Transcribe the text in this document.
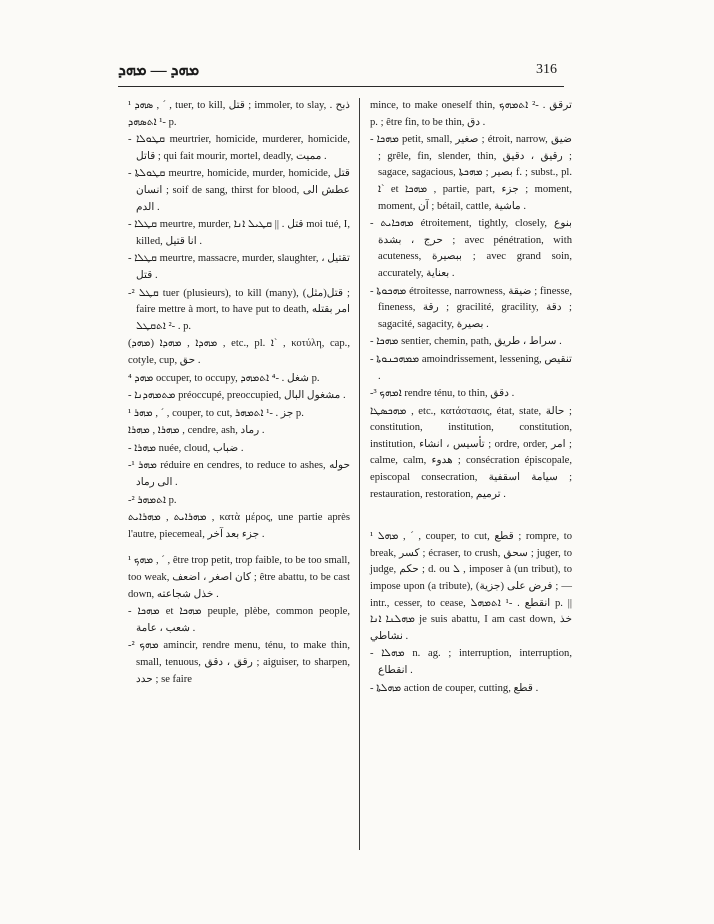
ܡܗܕ — ܡܗܕ	316
¹ ܣܗܕ , ´ , tuer, to kill, قتل ; immoler, to slay, ذبح . -¹ ܐܬܣܗܕ p.
- ܩܛܘܠܐ meurtrier, homicide, murderer, homicide, قاتل ; qui fait mourir, mortel, deadly, مميت .
- ܩܛܘܠܬܐ meurtre, homicide, murder, homicide, قتل انسان ; soif de sang, thirst for blood, عطش الى الدم .
- ܩܛܠܐ meurtre, murder, قتل . || ܩܛܝܠ ܐܢܐ moi tué, I, killed, انا قتيل .
- ܩܛܠܐ meurtre, massacre, murder, slaughter, تقتيل ، قتل .
-² ܩܛܠ tuer (plusieurs), to kill (many), (قتل(مثل ; faire mettre à mort, to have put to death, امر بقتله . -² ܐܬܩܛܠ p.
(ܡܗܕ) ܡܗܕܐ , ܡܗܕܐ , etc., pl. ܐ` , κοτύλη, cap., cotyle, cup, حق .
⁴ ܡܗܕ occuper, to occupy, شغل . -⁴ ܐܬܡܗܕ p.
- ܡܬܡܗܕܢܐ préoccupé, preoccupied, مشغول البال .
¹ ܡܗܪ , ´ , couper, to cut, جز . -¹ ܐܬܡܗܪ p.
ܡܗܪܐ , ܡܗܪܐ , cendre, ash, رماد .
- ܡܗܪܐ nuée, cloud, ضباب .
-¹ ܡܗܪ réduire en cendres, to reduce to ashes, حوله الى رماد .
-² ܐܬܡܗܪ p.
ܡܗܪܐܝܬ , ܡܗܪܐܝܬ , κατὰ μέρος, une partie après l'autre, piecemeal, جزء بعد آخر .
¹ ܡܗܟ , ´ , être trop petit, trop faible, to be too small, too weak, كان اصغر ، اضعف ; être abattu, to be cast down, خذل شجاعته .
- ܡܗܟܐ et ܡܗܟܐ peuple, plèbe, common people, شعب ، عامة .
-² ܡܗܟ amincir, rendre menu, ténu, to make thin, small, tenuous, رقق ، دقق ; aiguiser, to sharpen, حدد ; se faire
mince, to make oneself thin, ترقق . -² ܐܬܡܗܟ p. ; être fin, to be thin, دق .
- ܡܗܟܐ petit, small, صغير ; étroit, narrow, ضيق ; grêle, fin, slender, thin, رقيق ، دقيق ; sagace, sagacious, بصير ; ܡܗܟܬܐ f. ; subst., pl. ܐ` et ܡܗܟܐ , partie, part, جزء ; moment, moment, آن ; bétail, cattle, ماشية .
- ܡܗܟܐܝܬ étroitement, tightly, closely, بنوع حرج ، بشدة ; avec pénétration, with acuteness, ببصيرة ; avec grand soin, accurately, بعناية .
- ܡܗܟܘܬܐ étroitesse, narrowness, ضيقة ; finesse, fineness, رقة ; gracilité, gracility, دقة ; sagacité, sagacity, بصيرة .
- ܡܗܟܐ sentier, chemin, path, سراط ، طريق .
- ܡܡܗܟܢܘܬܐ amoindrissement, lessening, تنقيص .
-³ ܐܡܗܟ rendre ténu, to thin, دقق .
ܡܗܟܣܛܐ , etc., κατάστασις, état, state, حالة ; constitution, institution, constitution, institution, تأسيس ، انشاء ; ordre, order, امر ; calme, calm, هدوء ; consécration épiscopale, episcopal consecration, سيامة اسقفية ; restauration, restoration, ترميم .
¹ ܡܗܠ , ´ , couper, to cut, قطع ; rompre, to break, كسر ; écraser, to crush, سحق ; juger, to judge, حكم ; d. ou ܠ , imposer à (un tribut), to impose upon (a tribute), (جزية) فرض على ; — intr., cesser, to cease, انقطع . -¹ ܐܬܡܗܠ p. || ܡܗܠܢܐ ܐܢܐ je suis abattu, I am cast down, خذ نشاطي .
- ܡܗܠܐ n. ag. ; interruption, interruption, انقطاع .
- ܡܗܠܬܐ action de couper, cutting, قطع .
